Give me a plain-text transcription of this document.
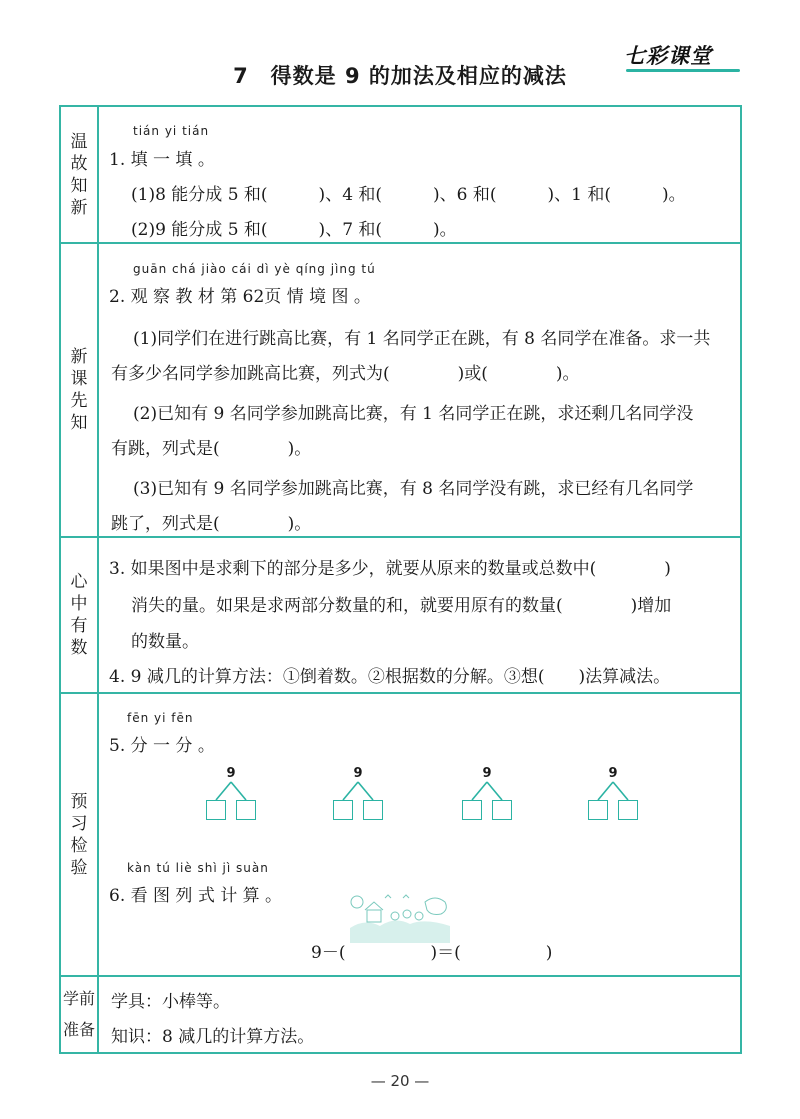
7　得数是 9 的加法及相应的减法
七彩课堂
温
故
知
新
tián yi tián
1. 填 一 填 。
(1)8 能分成 5 和(　　　)、4 和(　　　)、6 和(　　　)、1 和(　　　)。
(2)9 能分成 5 和(　　　)、7 和(　　　)。
新
课
先
知
guān chá jiào cái dì yè qíng jìng tú
2. 观 察 教 材 第 62页 情 境 图 。
(1)同学们在进行跳高比赛，有 1 名同学正在跳，有 8 名同学在准备。求一共
有多少名同学参加跳高比赛，列式为(　　　　)或(　　　　)。
(2)已知有 9 名同学参加跳高比赛，有 1 名同学正在跳，求还剩几名同学没
有跳，列式是(　　　　)。
(3)已知有 9 名同学参加跳高比赛，有 8 名同学没有跳，求已经有几名同学
跳了，列式是(　　　　)。
心
中
有
数
3. 如果图中是求剩下的部分是多少，就要从原来的数量或总数中(　　　　)
消失的量。如果是求两部分数量的和，就要用原有的数量(　　　　)增加
的数量。
4. 9 减几的计算方法：①倒着数。②根据数的分解。③想(　　)法算减法。
预
习
检
验
fēn yi fēn
5. 分 一 分 。
9	9	9	9
kàn tú liè shì jì suàn
6. 看 图 列 式 计 算 。
9－(　　　　　)＝(　　　　　)
学前
准备
学具：小棒等。
知识：8 减几的计算方法。
— 20 —
